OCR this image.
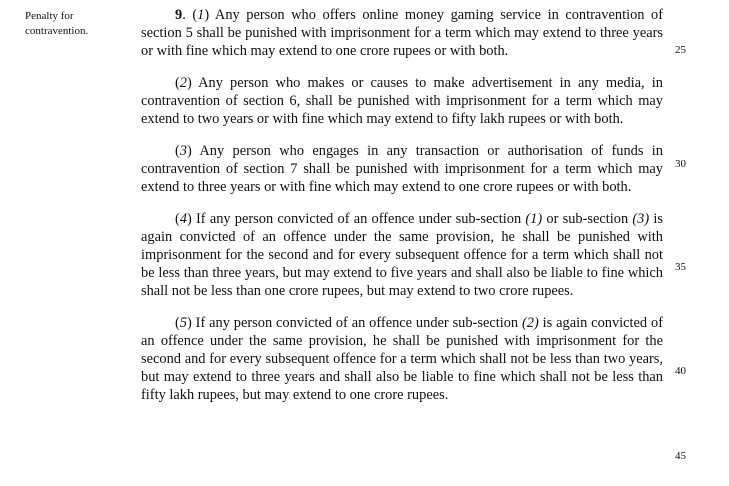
Penalty for
contravention.

9. (1) Any person who offers online money gaming service in contravention of section 5 shall be punished with imprisonment for a term which may extend to three years or with fine which may extend to one crore rupees or with both.

(2) Any person who makes or causes to make advertisement in any media, in contravention of section 6, shall be punished with imprisonment for a term which may extend to two years or with fine which may extend to fifty lakh rupees or with both.

(3) Any person who engages in any transaction or authorisation of funds in contravention of section 7 shall be punished with imprisonment for a term which may extend to three years or with fine which may extend to one crore rupees or with both.

(4) If any person convicted of an offence under sub-section (1) or sub-section (3) is again convicted of an offence under the same provision, he shall be punished with imprisonment for the second and for every subsequent offence for a term which shall not be less than three years, but may extend to five years and shall also be liable to fine which shall not be less than one crore rupees, but may extend to two crore rupees.

(5) If any person convicted of an offence under sub-section (2) is again convicted of an offence under the same provision, he shall be punished with imprisonment for the second and for every subsequent offence for a term which shall not be less than two years, but may extend to three years and shall also be liable to fine which shall not be less than fifty lakh rupees, but may extend to one crore rupees.

25
30
35
40
45
